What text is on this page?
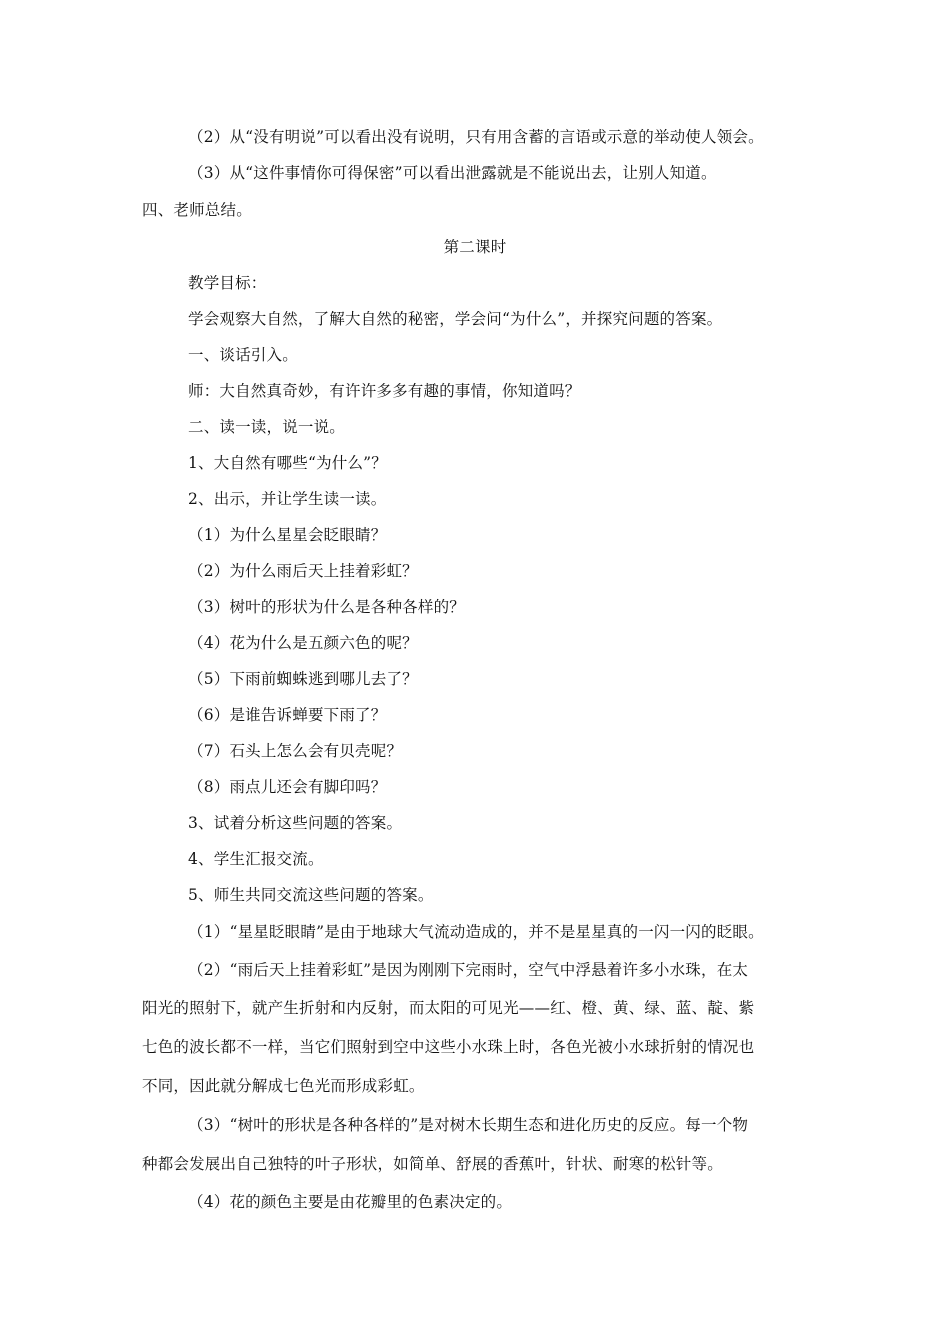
（2）从“没有明说”可以看出没有说明，只有用含蓄的言语或示意的举动使人领会。
（3）从“这件事情你可得保密”可以看出泄露就是不能说出去，让别人知道。
四、老师总结。
第二课时
教学目标：
学会观察大自然，了解大自然的秘密，学会问“为什么”，并探究问题的答案。
一、谈话引入。
师：大自然真奇妙，有许许多多有趣的事情，你知道吗？
二、读一读，说一说。
1、大自然有哪些“为什么”？
2、出示，并让学生读一读。
（1）为什么星星会眨眼睛？
（2）为什么雨后天上挂着彩虹？
（3）树叶的形状为什么是各种各样的？
（4）花为什么是五颜六色的呢？
（5）下雨前蜘蛛逃到哪儿去了？
（6）是谁告诉蝉要下雨了？
（7）石头上怎么会有贝壳呢？
（8）雨点儿还会有脚印吗？
3、试着分析这些问题的答案。
4、学生汇报交流。
5、师生共同交流这些问题的答案。
（1）“星星眨眼睛”是由于地球大气流动造成的，并不是星星真的一闪一闪的眨眼。
（2）“雨后天上挂着彩虹”是因为刚刚下完雨时，空气中浮悬着许多小水珠，在太
阳光的照射下，就产生折射和内反射，而太阳的可见光——红、橙、黄、绿、蓝、靛、紫
七色的波长都不一样，当它们照射到空中这些小水珠上时，各色光被小水球折射的情况也
不同，因此就分解成七色光而形成彩虹。
（3）“树叶的形状是各种各样的”是对树木长期生态和进化历史的反应。每一个物
种都会发展出自己独特的叶子形状，如简单、舒展的香蕉叶，针状、耐寒的松针等。
（4）花的颜色主要是由花瓣里的色素决定的。
